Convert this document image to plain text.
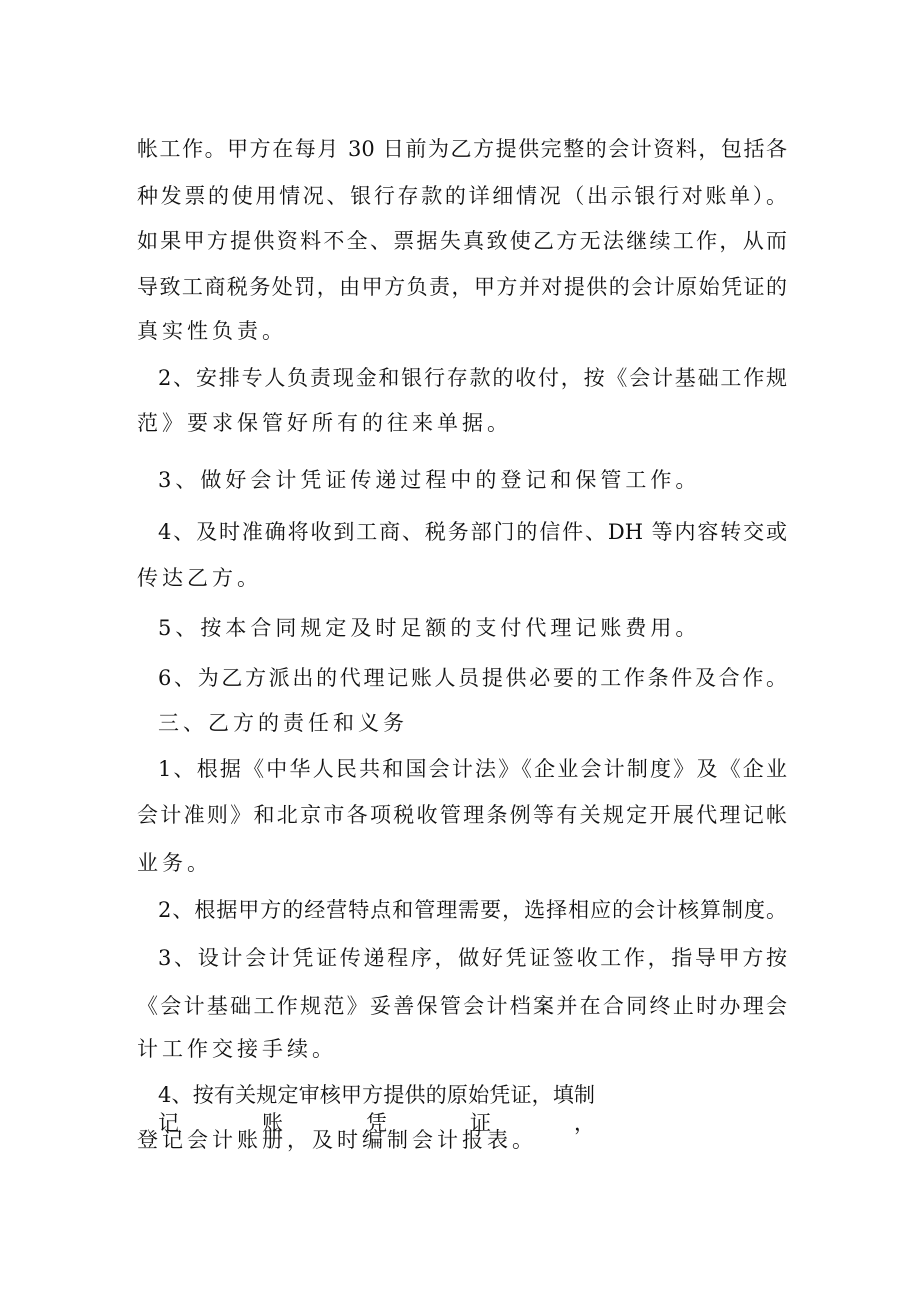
帐工作。甲方在每月 30 日前为乙方提供完整的会计资料，包括各
种发票的使用情况、银行存款的详细情况（出示银行对账单）。
如果甲方提供资料不全、票据失真致使乙方无法继续工作，从而
导致工商税务处罚，由甲方负责，甲方并对提供的会计原始凭证的
真实性负责。
2、安排专人负责现金和银行存款的收付，按《会计基础工作规
范》要求保管好所有的往来单据。
3、做好会计凭证传递过程中的登记和保管工作。
4、及时准确将收到工商、税务部门的信件、DH 等内容转交或
传达乙方。
5、按本合同规定及时足额的支付代理记账费用。
6、为乙方派出的代理记账人员提供必要的工作条件及合作。
三、乙方的责任和义务
1、根据《中华人民共和国会计法》《企业会计制度》及《企业
会计准则》和北京市各项税收管理条例等有关规定开展代理记帐
业务。
2、根据甲方的经营特点和管理需要，选择相应的会计核算制度。
3、设计会计凭证传递程序，做好凭证签收工作，指导甲方按
《会计基础工作规范》妥善保管会计档案并在合同终止时办理会
计工作交接手续。
4、按有关规定审核甲方提供的原始凭证，填制记账凭证，
登记会计账册，及时编制会计报表。
